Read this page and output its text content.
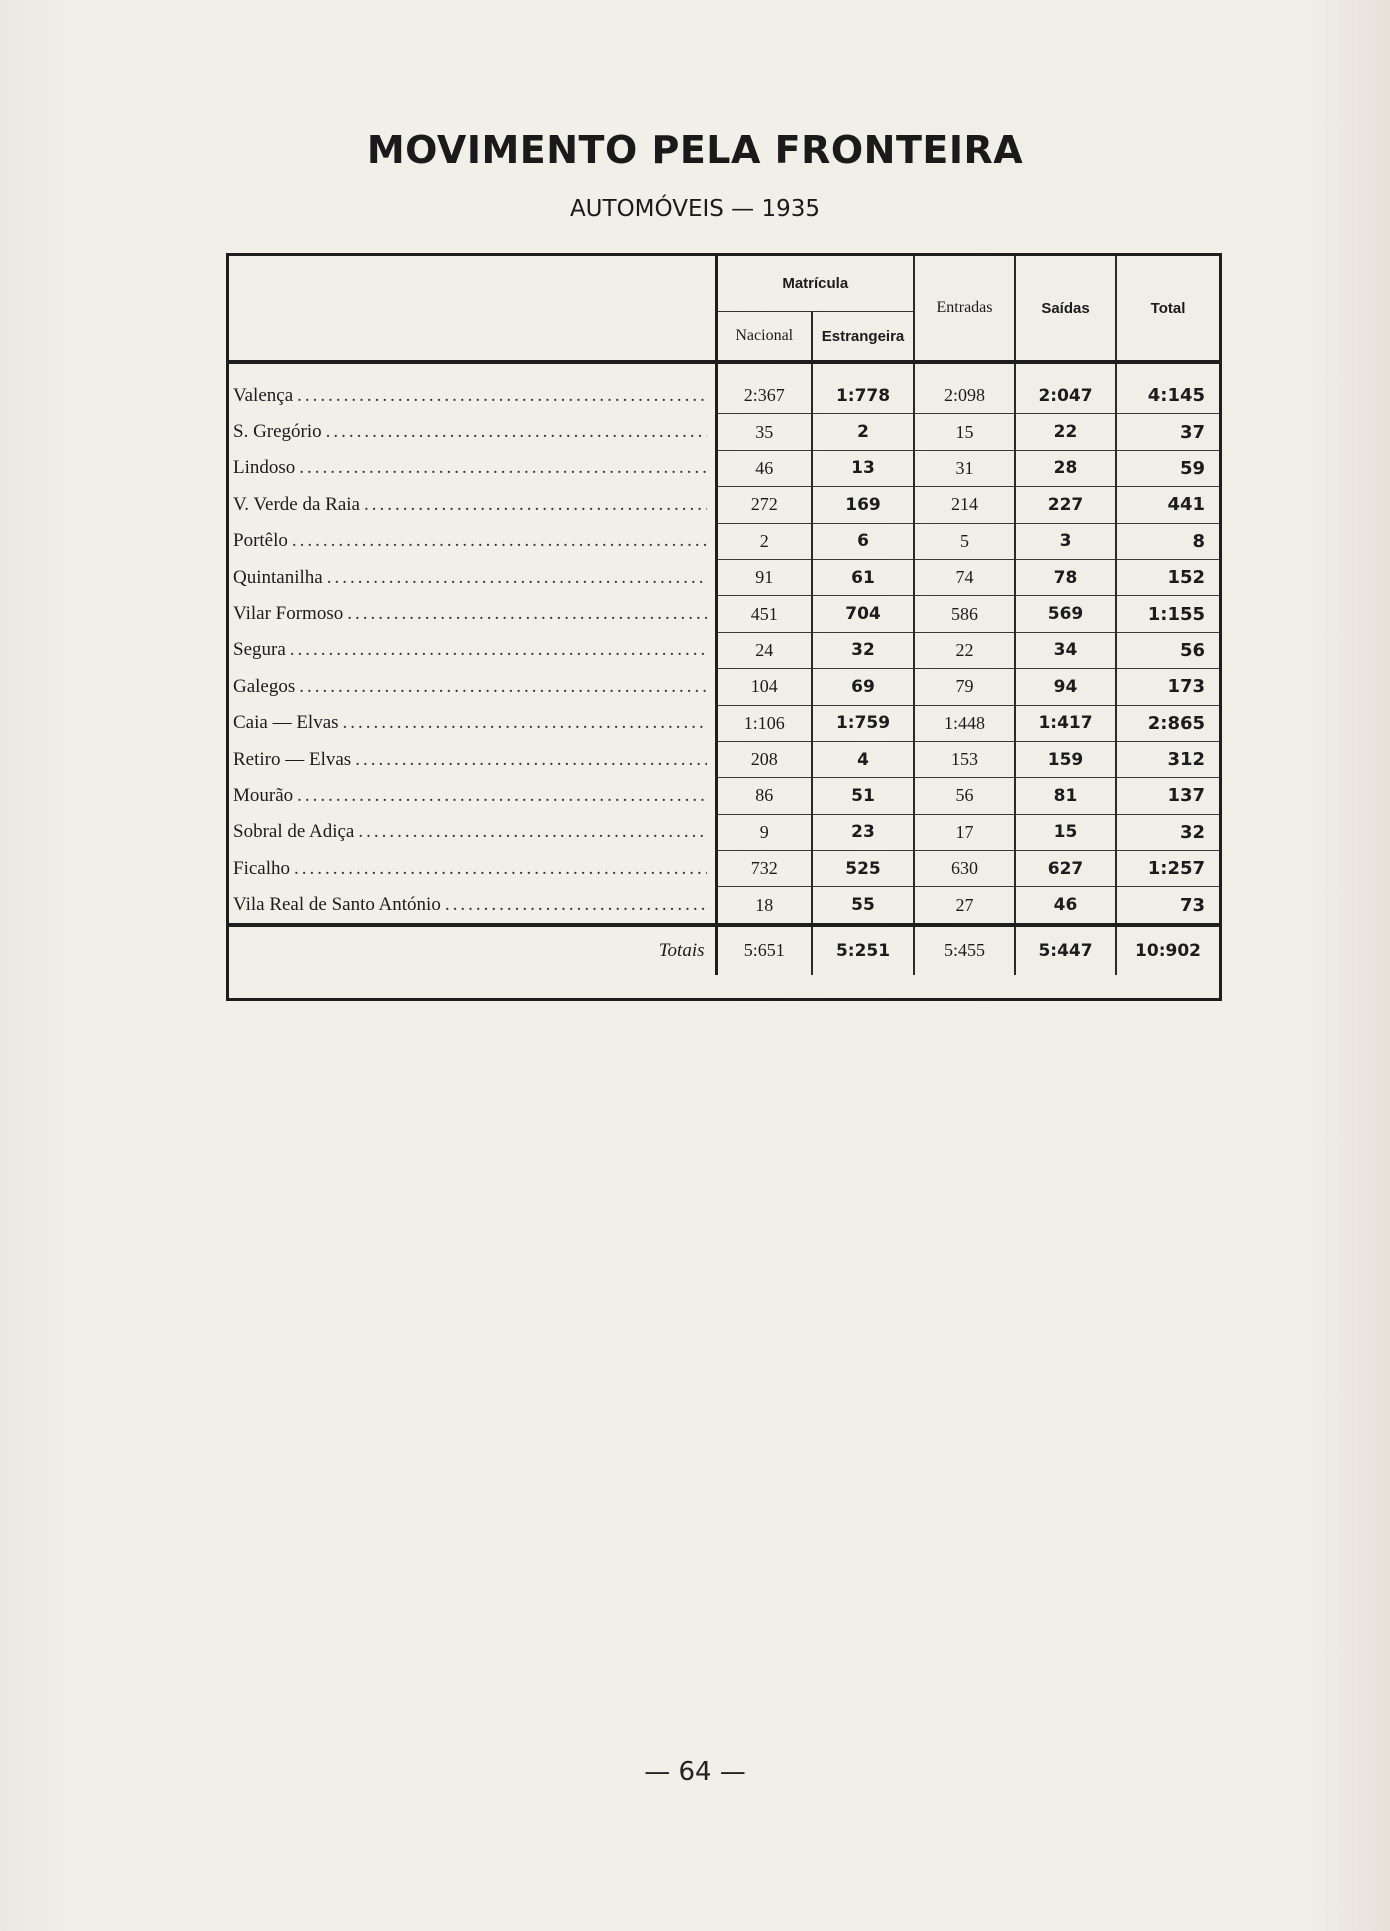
MOVIMENTO PELA FRONTEIRA
AUTOMÓVEIS — 1935
	Matrícula		Entradas	Saídas	Total
	Nacional	Estrangeira			

Valença
.....	2:367	1:778	2:098	2:047	4:145

S. Gregório
.....	35	2	15	22	37

Lindoso
.....	46	13	31	28	59

V. Verde da Raia
.....	272	169	214	227	441

Portêlo
.....	2	6	5	3	8

Quintanilha
.....	91	61	74	78	152

Vilar Formoso
.....	451	704	586	569	1:155

Segura
.....	24	32	22	34	56

Galegos
.....	104	69	79	94	173

Caia — Elvas
.....	1:106	1:759	1:448	1:417	2:865

Retiro — Elvas
.....	208	4	153	159	312

Mourão
.....	86	51	56	81	137

Sobral de Adiça
.....	9	23	17	15	32

Ficalho
.....	732	525	630	627	1:257

Vila Real de Santo António
.....	18	55	27	46	73
Totais	5:651	5:251	5:455	5:447	10:902
— 64 —
